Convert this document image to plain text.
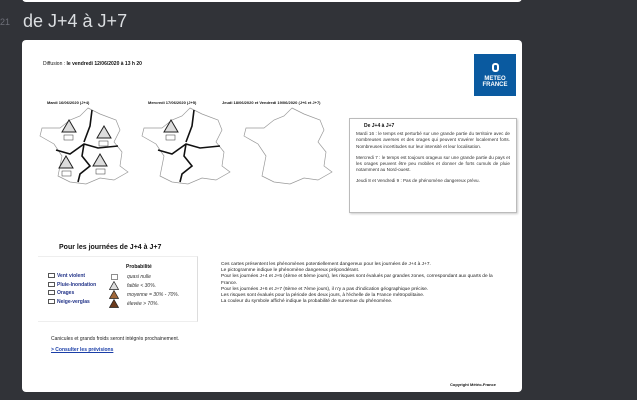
21 de J+4 à J+7
Diffusion : le vendredi 12/06/2020 à 13 h 20
METEO
FRANCE
Mardi 16/06/2020 (J+4)	Mercredi 17/06/2020 (J+5)	Jeudi 18/06/2020 et Vendredi 19/06/2020 (J+6 et J+7)
De J+4 à J+7

Mardi 16 : le temps est perturbé sur une grande partie du territoire avec de nombreuses averses et des orages qui peuvent s'avérer localement forts. Nombreuses incertitudes sur leur intensité et leur localisation.

Mercredi 7 : le temps est toujours orageux sur une grande partie du pays et les orages peuvent être peu mobiles et donner de forts cumuls de pluie notamment au Nord-ouest.

Jeudi 8 et Vendredi 9 : Pas de phénomène dangereux prévu.

Pour les journées de J+4 à J+7
Vent violent
Pluie-Inondation
Orages
Neige-verglas
Probabilité
quasi nulle
faible < 30%.
moyenne = 30% - 70%.
élevée > 70%.
Ces cartes présentent les phénomènes potentiellement dangereux pour les journées de J+4 à J+7.
Le pictogramme indique le phénomène dangereux prépondérant.
Pour les journées J+4 et J+5 (4ème et 5ème jours), les risques sont évalués par grandes zones, correspondant aux quarts de la France.
Pour les journées J+6 et J+7 (6ème et 7ème jours), il n'y a pas d'indication géographique précise.
Les risques sont évalués pour la période des deux jours, à l'échelle de la France métropolitaine.
La couleur du symbole affiché indique la probabilité de survenue du phénomène.
Canicules et grands froids seront intégrés prochainement.
> Consulter les prévisions
Copyright Météo-France
